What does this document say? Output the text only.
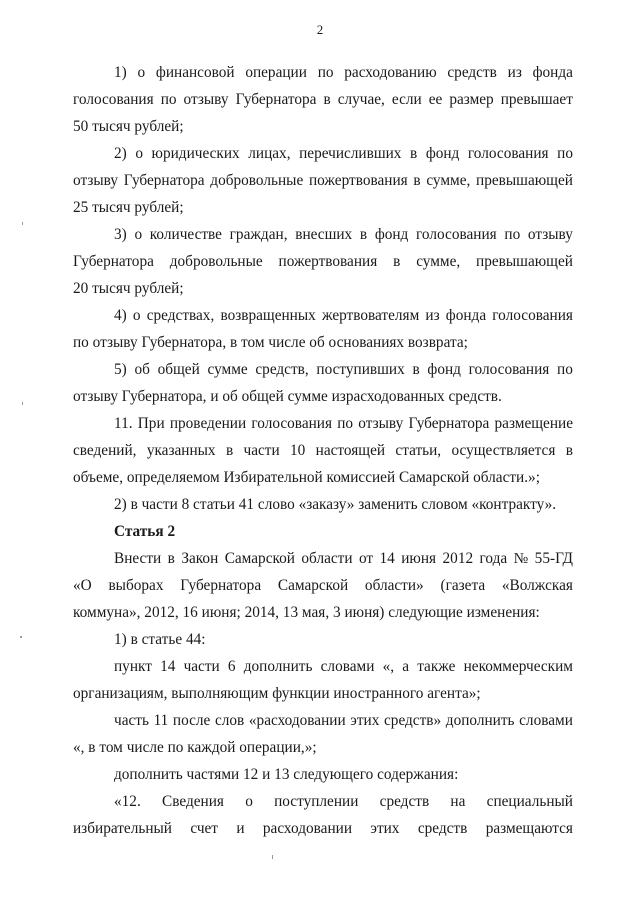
2
1) о финансовой операции по расходованию средств из фонда
голосования по отзыву Губернатора в случае, если ее размер превышает
50 тысяч рублей;
2) о юридических лицах, перечисливших в фонд голосования по
отзыву Губернатора добровольные пожертвования в сумме, превышающей
25 тысяч рублей;
3) о количестве граждан, внесших в фонд голосования по отзыву
Губернатора добровольные пожертвования в сумме, превышающей
20 тысяч рублей;
4) о средствах, возвращенных жертвователям из фонда голосования
по отзыву Губернатора, в том числе об основаниях возврата;
5) об общей сумме средств, поступивших в фонд голосования по
отзыву Губернатора, и об общей сумме израсходованных средств.
11. При проведении голосования по отзыву Губернатора размещение
сведений, указанных в части 10 настоящей статьи, осуществляется в
объеме, определяемом Избирательной комиссией Самарской области.»;
2) в части 8 статьи 41 слово «заказу» заменить словом «контракту».
Статья 2
Внести в Закон Самарской области от 14 июня 2012 года № 55-ГД
«О выборах Губернатора Самарской области» (газета «Волжская
коммуна», 2012, 16 июня; 2014, 13 мая, 3 июня) следующие изменения:
1) в статье 44:
пункт 14 части 6 дополнить словами «, а также некоммерческим
организациям, выполняющим функции иностранного агента»;
часть 11 после слов «расходовании этих средств» дополнить словами
«, в том числе по каждой операции,»;
дополнить частями 12 и 13 следующего содержания:
«12. Сведения о поступлении средств на специальный
избирательный счет и расходовании этих средств размещаются
